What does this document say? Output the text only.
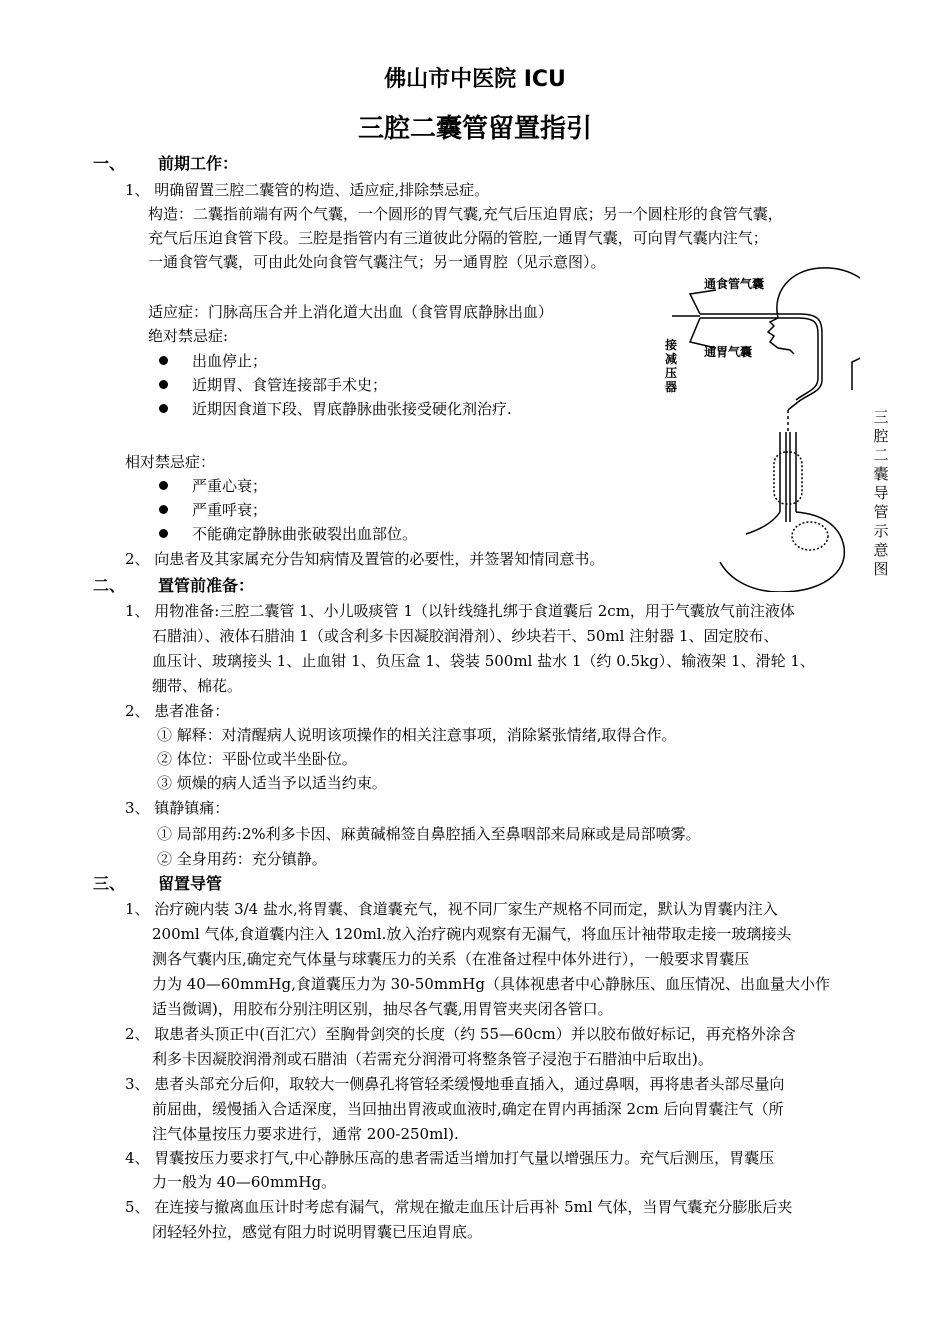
佛山市中医院 ICU
三腔二囊管留置指引
一、 前期工作：
1、 明确留置三腔二囊管的构造、适应症,排除禁忌症。
构造：二囊指前端有两个气囊，一个圆形的胃气囊,充气后压迫胃底；另一个圆柱形的食管气囊，
充气后压迫食管下段。三腔是指管内有三道彼此分隔的管腔,一通胃气囊，可向胃气囊内注气；
一通食管气囊，可由此处向食管气囊注气；另一通胃腔（见示意图）。
适应症：门脉高压合并上消化道大出血（食管胃底静脉出血）
绝对禁忌症:
出血停止；
近期胃、食管连接部手术史；
近期因食道下段、胃底静脉曲张接受硬化剂治疗.
相对禁忌症：
严重心衰；
严重呼衰；
不能确定静脉曲张破裂出血部位。
2、 向患者及其家属充分告知病情及置管的必要性，并签署知情同意书。
二、 置管前准备：
1、 用物准备:三腔二囊管 1、小儿吸痰管 1（以针线缝扎绑于食道囊后 2cm，用于气囊放气前注液体
石腊油）、液体石腊油 1（或含利多卡因凝胶润滑剂）、纱块若干、50ml 注射器 1、固定胶布、
血压计、玻璃接头 1、止血钳 1、负压盒 1、袋装 500ml 盐水 1（约 0.5kg）、输液架 1、滑轮 1、
绷带、棉花。
2、 患者准备：
① 解释：对清醒病人说明该项操作的相关注意事项，消除紧张情绪,取得合作。
② 体位：平卧位或半坐卧位。
③ 烦燥的病人适当予以适当约束。
3、 镇静镇痛：
① 局部用药:2%利多卡因、麻黄碱棉签自鼻腔插入至鼻咽部来局麻或是局部喷雾。
② 全身用药：充分镇静。
三、 留置导管
1、 治疗碗内装 3/4 盐水,将胃囊、食道囊充气，视不同厂家生产规格不同而定，默认为胃囊内注入
200ml 气体,食道囊内注入 120ml.放入治疗碗内观察有无漏气，将血压计袖带取走接一玻璃接头
测各气囊内压,确定充气体量与球囊压力的关系（在准备过程中体外进行），一般要求胃囊压
力为 40—60mmHg,食道囊压力为 30-50mmHg（具体视患者中心静脉压、血压情况、出血量大小作
适当微调)，用胶布分别注明区别，抽尽各气囊,用胃管夹夹闭各管口。
2、 取患者头顶正中(百汇穴）至胸骨剑突的长度（约 55—60cm）并以胶布做好标记，再充格外涂含
利多卡因凝胶润滑剂或石腊油（若需充分润滑可将整条管子浸泡于石腊油中后取出)。
3、 患者头部充分后仰，取较大一侧鼻孔将管轻柔缓慢地垂直插入，通过鼻咽，再将患者头部尽量向
前屈曲，缓慢插入合适深度，当回抽出胃液或血液时,确定在胃内再插深 2cm 后向胃囊注气（所
注气体量按压力要求进行，通常 200-250ml).
4、 胃囊按压力要求打气,中心静脉压高的患者需适当增加打气量以增强压力。充气后测压，胃囊压
力一般为 40—60mmHg。
5、 在连接与撤离血压计时考虑有漏气，常规在撤走血压计后再补 5ml 气体，当胃气囊充分膨胀后夹
闭轻轻外拉，感觉有阻力时说明胃囊已压迫胃底。
通食管气囊
通胃气囊
接减压器
三腔二囊导管示意图
